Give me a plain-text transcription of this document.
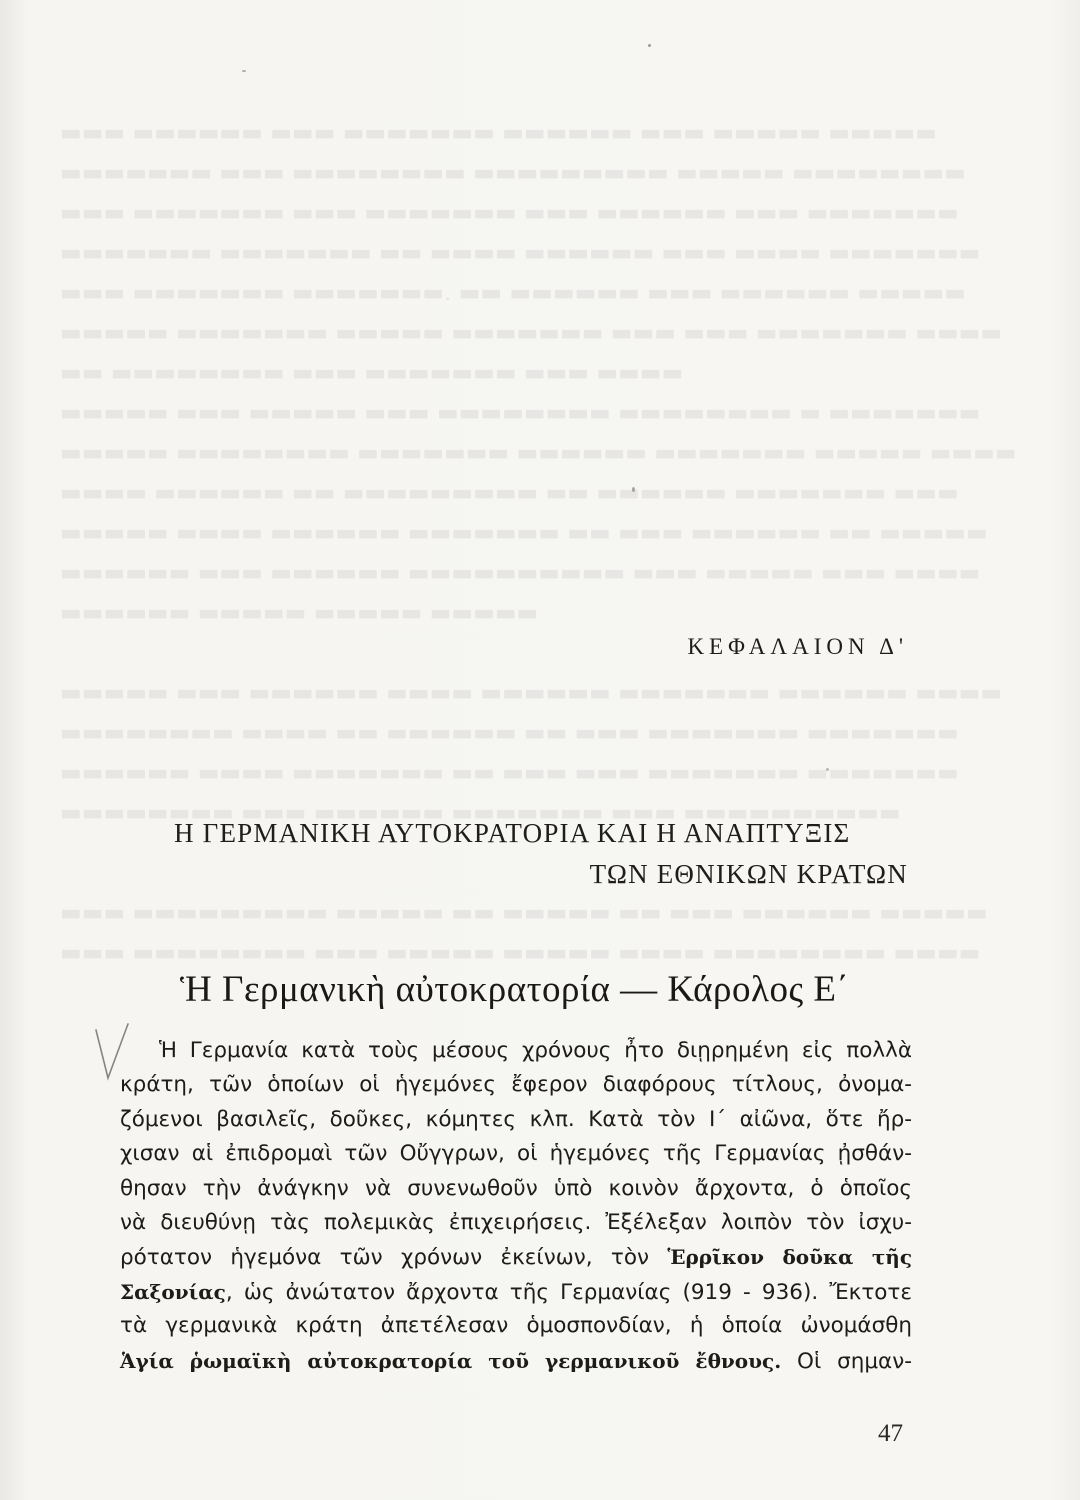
▬▬▬ ▬▬▬▬▬▬ ▬▬▬ ▬▬▬▬▬▬▬ ▬▬▬▬▬▬ ▬▬▬ ▬▬▬▬▬ ▬▬▬▬▬
▬▬▬▬▬▬▬ ▬▬▬ ▬▬▬▬▬▬▬▬ ▬▬▬▬▬▬▬▬▬ ▬▬▬▬▬ ▬▬▬▬▬▬▬▬
▬▬▬ ▬▬▬▬▬▬▬ ▬▬▬ ▬▬▬▬▬▬▬ ▬▬▬ ▬▬▬▬▬▬ ▬▬▬ ▬▬▬▬▬▬▬
▬▬▬▬▬▬▬ ▬▬▬▬▬▬▬ ▬▬ ▬▬▬▬ ▬▬▬▬▬▬ ▬▬▬ ▬▬▬▬ ▬▬▬▬▬▬▬
▬▬▬ ▬▬▬▬▬▬▬ ▬▬▬▬▬▬▬. ▬▬ ▬▬▬▬▬▬ ▬▬▬ ▬▬▬▬▬▬ ▬▬▬▬▬
▬▬▬▬▬ ▬▬▬▬▬▬▬ ▬▬▬▬▬ ▬▬▬▬▬▬▬ ▬▬▬ ▬▬▬ ▬▬▬▬▬▬▬ ▬▬▬▬
▬▬ ▬▬▬▬▬▬▬▬ ▬▬▬ ▬▬▬▬▬▬▬ ▬▬▬ ▬▬▬▬
▬▬▬▬▬ ▬▬▬ ▬▬▬▬▬ ▬▬▬ ▬▬▬▬▬▬▬▬ ▬▬▬▬▬▬▬▬ ▬ ▬▬▬▬▬▬▬
▬▬▬▬▬ ▬▬▬▬▬▬▬▬ ▬▬▬▬▬▬▬ ▬▬▬▬▬▬ ▬▬▬▬▬▬▬ ▬▬▬▬▬ ▬▬▬▬
▬▬▬▬ ▬▬▬▬▬▬ ▬▬ ▬▬▬▬▬▬▬▬▬ ▬▬ ▬▬▬▬▬▬ ▬▬▬▬▬▬▬ ▬▬▬
▬▬▬▬▬ ▬▬▬▬ ▬▬▬▬▬▬ ▬▬▬▬▬▬▬ ▬▬ ▬▬▬ ▬▬▬▬▬▬ ▬▬ ▬▬▬▬▬
▬▬▬▬▬▬ ▬▬▬ ▬▬▬▬▬▬ ▬▬▬▬▬▬▬▬▬▬ ▬▬▬ ▬▬▬▬▬ ▬▬▬ ▬▬▬▬
▬▬▬▬▬▬ ▬▬▬▬▬ ▬▬▬▬▬ ▬▬▬▬▬
▬▬▬▬▬ ▬▬▬ ▬▬▬▬▬▬ ▬▬▬▬ ▬▬▬▬▬▬ ▬▬▬▬▬▬▬ ▬▬▬▬▬▬ ▬▬▬▬
▬▬▬▬▬▬▬▬ ▬▬▬▬ ▬▬ ▬▬▬▬▬▬ ▬▬ ▬▬▬ ▬▬▬▬▬▬▬ ▬▬▬▬▬▬▬
▬▬▬▬▬▬ ▬▬▬▬ ▬▬▬▬▬▬▬ ▬▬ ▬▬▬ ▬▬▬ ▬▬▬▬▬▬▬ ▬▬▬▬▬▬▬
▬▬▬▬▬▬▬▬ ▬▬▬ ▬▬▬▬▬▬ ▬▬▬▬▬▬▬ ▬▬▬ ▬▬▬▬▬▬▬▬▬▬
▬▬▬ ▬▬▬▬▬▬▬▬▬ ▬▬▬▬▬ ▬▬ ▬▬▬▬▬ ▬▬ ▬▬▬ ▬▬▬▬▬▬ ▬▬▬▬▬
▬▬▬ ▬▬▬▬▬▬▬▬ ▬▬▬ ▬▬▬▬▬ ▬▬▬▬▬ ▬▬▬▬ ▬▬▬▬▬▬▬▬ ▬▬▬▬
ΚΕΦΑΛΑΙΟΝ Δ'
Η ΓΕΡΜΑΝΙΚΗ ΑΥΤΟΚΡΑΤΟΡΙΑ ΚΑΙ Η ΑΝΑΠΤΥΞΙΣ
ΤΩΝ ΕΘΝΙΚΩΝ ΚΡΑΤΩΝ
Ἡ Γερμανικὴ αὐτοκρατορία — Κάρολος Ε΄
Ἡ Γερμανία κατὰ τοὺς μέσους χρόνους ἦτο διῃρημένη εἰς πολλὰ
κράτη, τῶν ὁποίων οἱ ἡγεμόνες ἔφερον διαφόρους τίτλους, ὀνομα-
ζόμενοι βασιλεῖς, δοῦκες, κόμητες κλπ. Κατὰ τὸν Ι΄ αἰῶνα, ὅτε ἤρ-
χισαν αἱ ἐπιδρομαὶ τῶν Οὔγγρων, οἱ ἡγεμόνες τῆς Γερμανίας ᾐσθάν-
θησαν τὴν ἀνάγκην νὰ συνενωθοῦν ὑπὸ κοινὸν ἄρχοντα, ὁ ὁποῖος
νὰ διευθύνῃ τὰς πολεμικὰς ἐπιχειρήσεις. Ἐξέλεξαν λοιπὸν τὸν ἰσχυ-
ρότατον ἡγεμόνα τῶν χρόνων ἐκείνων, τὸν Ἑρρῖκον δοῦκα τῆς
Σαξονίας, ὡς ἀνώτατον ἄρχοντα τῆς Γερμανίας (919 - 936). Ἔκτοτε
τὰ γερμανικὰ κράτη ἀπετέλεσαν ὁμοσπονδίαν, ἡ ὁποία ὠνομάσθη
Ἁγία ῥωμαϊκὴ αὐτοκρατορία τοῦ γερμανικοῦ ἔθνους. Οἱ σημαν-
47
